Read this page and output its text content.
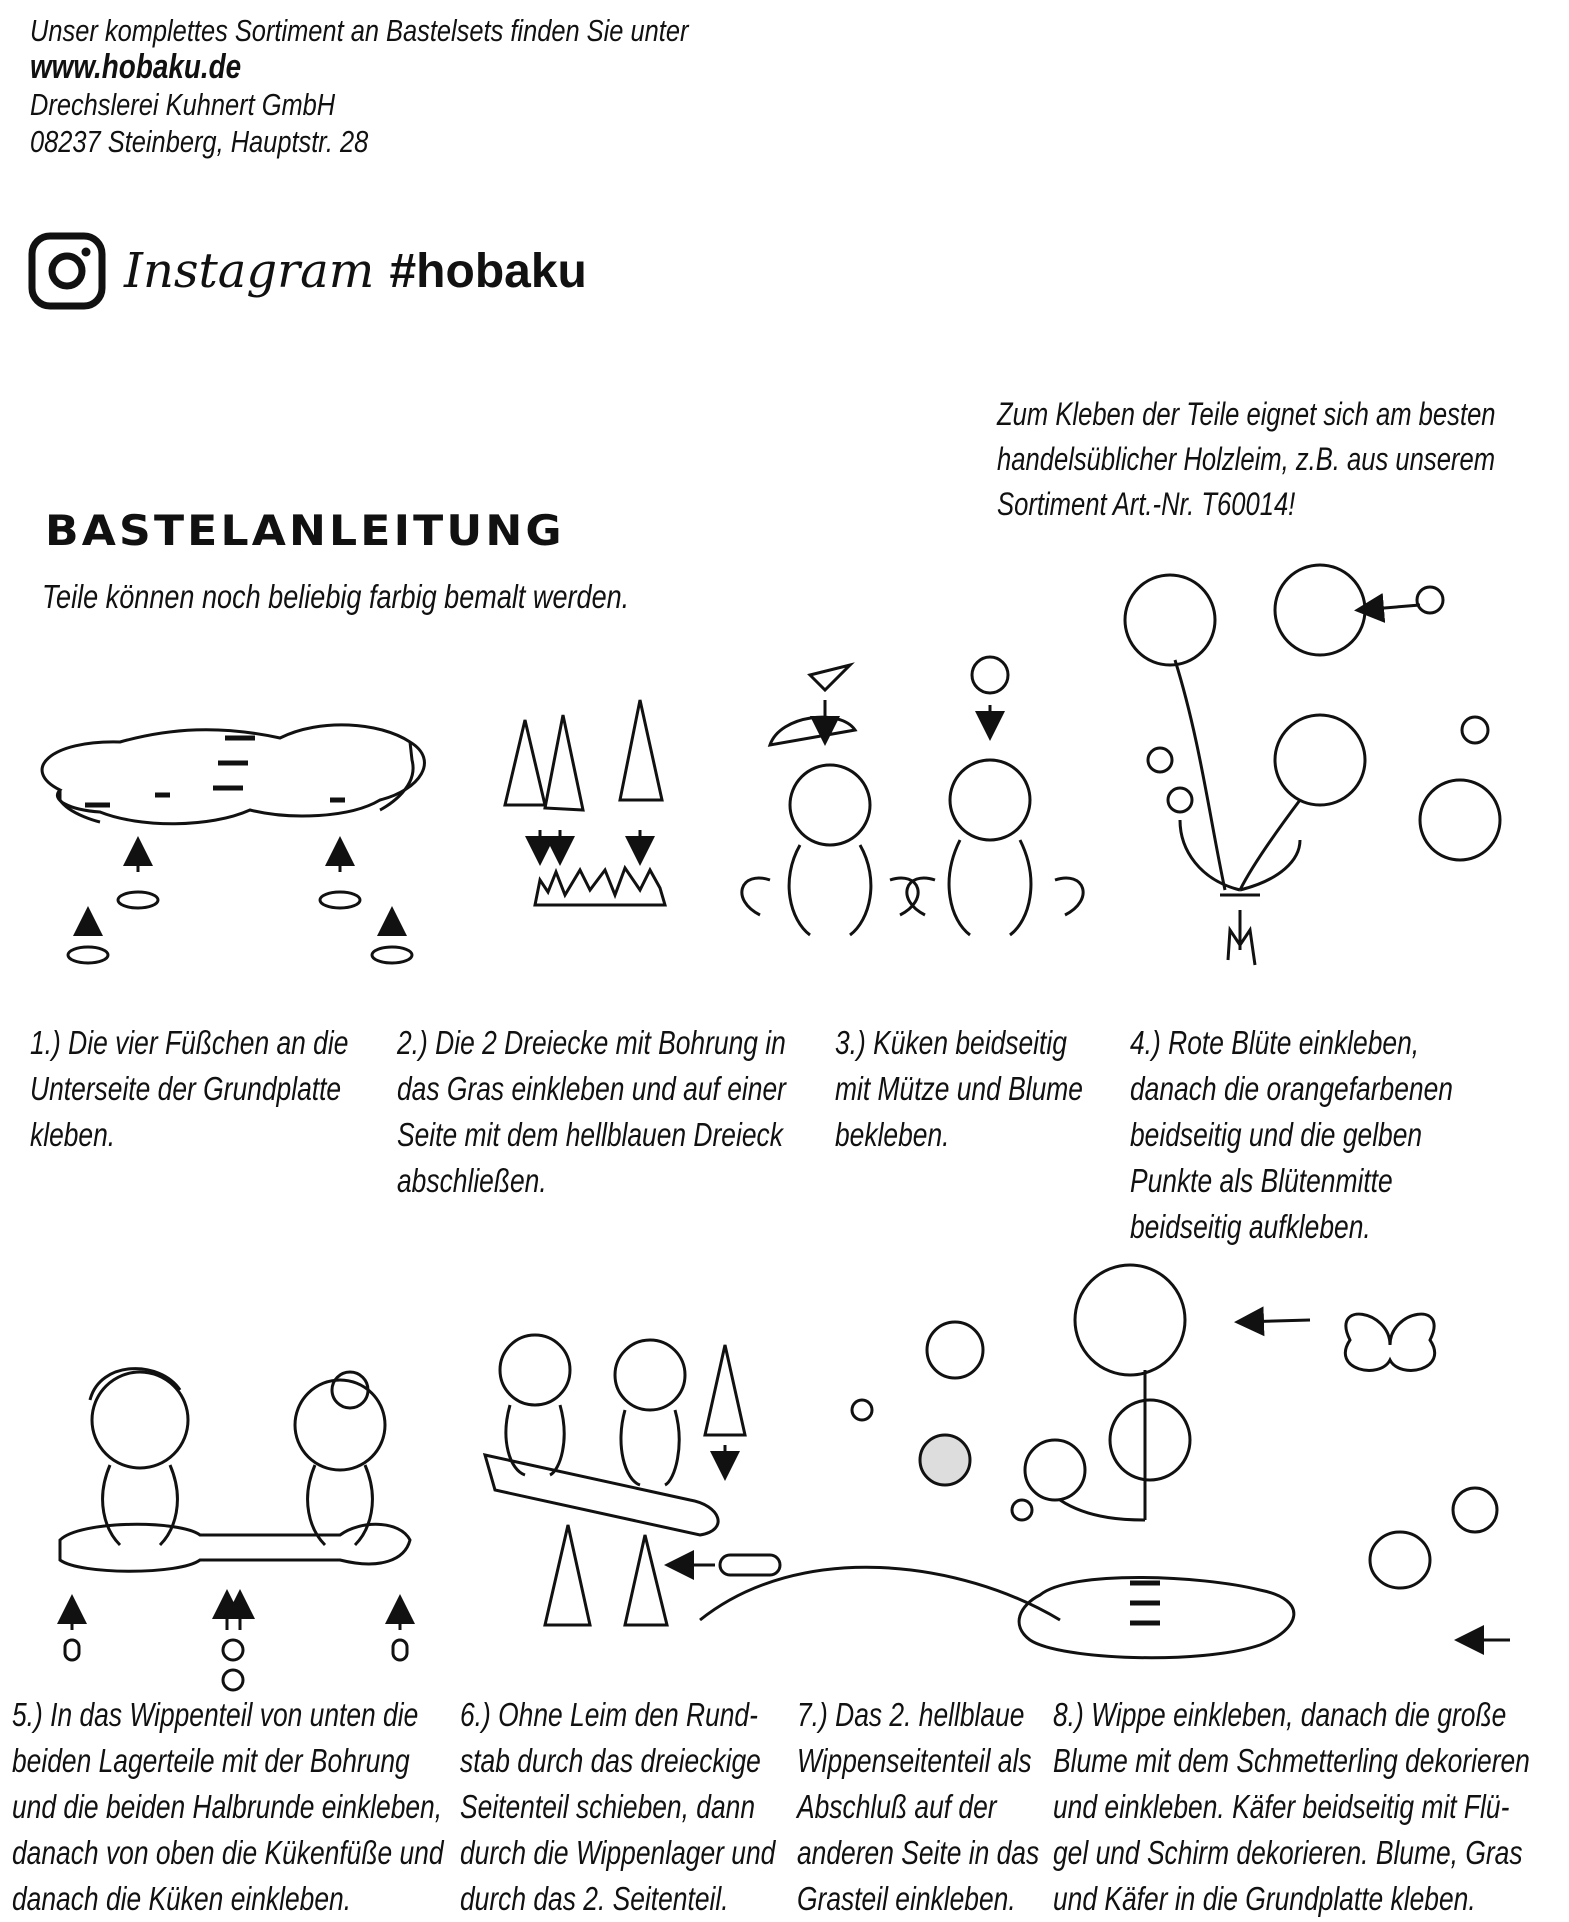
Unser komplettes Sortiment an Bastelsets finden Sie unter
www.hobaku.de
Drechslerei Kuhnert GmbH
08237 Steinberg, Hauptstr. 28
Instagram #hobaku
Zum Kleben der Teile eignet sich am besten
handelsüblicher Holzleim, z.B. aus unserem
Sortiment Art.-Nr. T60014!
BASTELANLEITUNG
Teile können noch beliebig farbig bemalt werden.
1.) Die vier Füßchen an die
Unterseite der Grundplatte
kleben.
2.) Die 2 Dreiecke mit Bohrung in
das Gras einkleben und auf einer
Seite mit dem hellblauen Dreieck
abschließen.
3.) Küken beidseitig
mit Mütze und Blume
bekleben.
4.) Rote Blüte einkleben,
danach die orangefarbenen
beidseitig und die gelben
Punkte als Blütenmitte
beidseitig aufkleben.
5.) In das Wippenteil von unten die
beiden Lagerteile mit der Bohrung
und die beiden Halbrunde einkleben,
danach von oben die Kükenfüße und
danach die Küken einkleben.
6.) Ohne Leim den Rund-
stab durch das dreieckige
Seitenteil schieben, dann
durch die Wippenlager und
durch das 2. Seitenteil.
7.) Das 2. hellblaue
Wippenseitenteil als
Abschluß auf der
anderen Seite in das
Grasteil einkleben.
8.) Wippe einkleben, danach die große
Blume mit dem Schmetterling dekorieren
und einkleben. Käfer beidseitig mit Flü-
gel und Schirm dekorieren. Blume, Gras
und Käfer in die Grundplatte kleben.
